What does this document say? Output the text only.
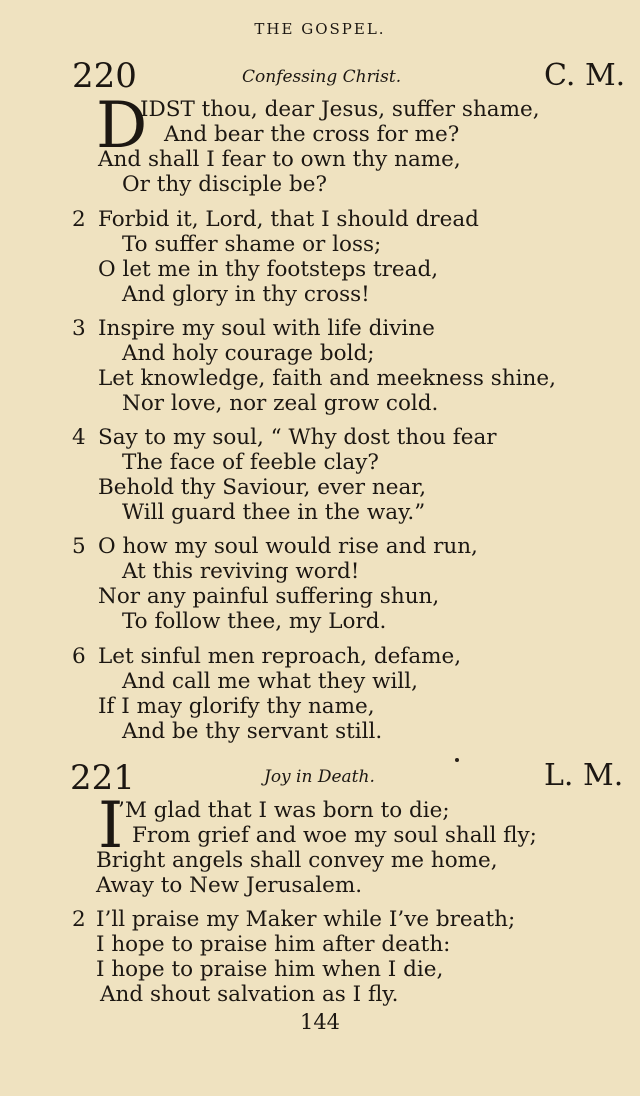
THE GOSPEL.
220	Confessing Christ.	C. M.
D
IDST thou, dear Jesus, suffer shame,
And bear the cross for me?
And shall I fear to own thy name,
Or thy disciple be?
2 Forbid it, Lord, that I should dread
To suffer shame or loss;
O let me in thy footsteps tread,
And glory in thy cross!
3 Inspire my soul with life divine
And holy courage bold;
Let knowledge, faith and meekness shine,
Nor love, nor zeal grow cold.
4 Say to my soul, “ Why dost thou fear
The face of feeble clay?
Behold thy Saviour, ever near,
Will guard thee in the way.”
5 O how my soul would rise and run,
At this reviving word!
Nor any painful suffering shun,
To follow thee, my Lord.
6 Let sinful men reproach, defame,
And call me what they will,
If I may glorify thy name,
And be thy servant still.
221	Joy in Death.	L. M.
I
’M glad that I was born to die;
From grief and woe my soul shall fly;
Bright angels shall convey me home,
Away to New Jerusalem.
2 I’ll praise my Maker while I’ve breath;
I hope to praise him after death:
I hope to praise him when I die,
And shout salvation as I fly.
144
